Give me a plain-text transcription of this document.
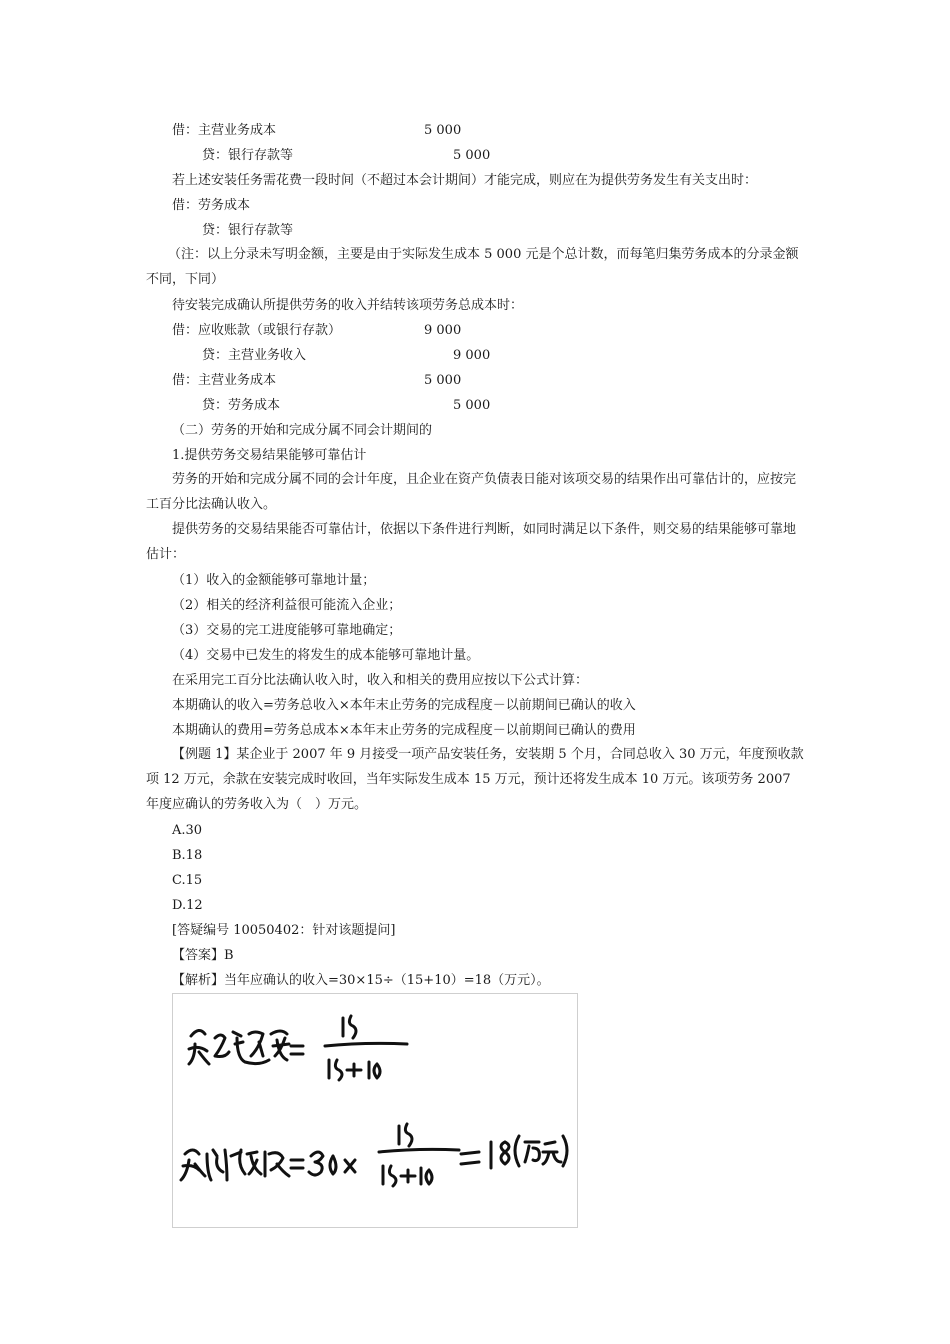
借：主营业务成本	5 000
贷：银行存款等	5 000
若上述安装任务需花费一段时间（不超过本会计期间）才能完成，则应在为提供劳务发生有关支出时：
借：劳务成本
贷：银行存款等
（注：以上分录未写明金额，主要是由于实际发生成本 5 000 元是个总计数，而每笔归集劳务成本的分录金额不同，下同）
待安装完成确认所提供劳务的收入并结转该项劳务总成本时：
借：应收账款（或银行存款）	9 000
贷：主营业务收入	9 000
借：主营业务成本	5 000
贷：劳务成本	5 000
（二）劳务的开始和完成分属不同会计期间的
1.提供劳务交易结果能够可靠估计
劳务的开始和完成分属不同的会计年度，且企业在资产负债表日能对该项交易的结果作出可靠估计的，应按完工百分比法确认收入。
提供劳务的交易结果能否可靠估计，依据以下条件进行判断，如同时满足以下条件，则交易的结果能够可靠地估计：
（1）收入的金额能够可靠地计量；
（2）相关的经济利益很可能流入企业；
（3）交易的完工进度能够可靠地确定；
（4）交易中已发生的将发生的成本能够可靠地计量。
在采用完工百分比法确认收入时，收入和相关的费用应按以下公式计算：
本期确认的收入=劳务总收入×本年末止劳务的完成程度－以前期间已确认的收入
本期确认的费用=劳务总成本×本年末止劳务的完成程度－以前期间已确认的费用
【例题 1】某企业于 2007 年 9 月接受一项产品安装任务，安装期 5 个月，合同总收入 30 万元，年度预收款项 12 万元，余款在安装完成时收回，当年实际发生成本 15 万元，预计还将发生成本 10 万元。该项劳务 2007 年度应确认的劳务收入为（　）万元。
A.30
B.18
C.15
D.12
[答疑编号 10050402：针对该题提问]
【答案】B
【解析】当年应确认的收入=30×15÷（15+10）=18（万元）。
